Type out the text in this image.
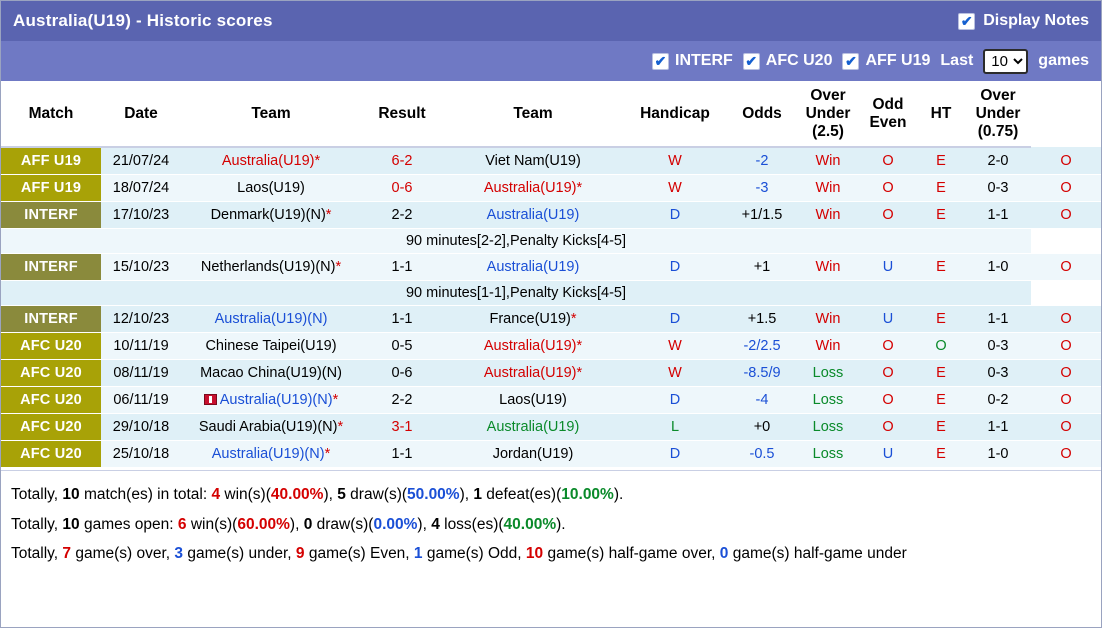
Australia(U19) - Historic scores	✔ Display Notes
✔ INTERF ✔ AFC U20 ✔ AFF U19 Last
10	games
Match	Date	Team	Result	Team	Handicap	Odds	Over
Under
(2.5)	Odd
Even	HT	Over
Under
(0.75)	

AFF U19	21/07/24	Australia(U19)*	6-2	Viet Nam(U19)	W	-2	Win	O	E	2-0	O
AFF U19	18/07/24	Laos(U19)	0-6	Australia(U19)*	W	-3	Win	O	E	0-3	O
INTERF	17/10/23	Denmark(U19)(N)*	2-2	Australia(U19)	D	+1/1.5	Win	O	E	1-1	O
90 minutes[2-2],Penalty Kicks[4-5]											
INTERF	15/10/23	Netherlands(U19)(N)*	1-1	Australia(U19)	D	+1	Win	U	E	1-0	O
90 minutes[1-1],Penalty Kicks[4-5]											
INTERF	12/10/23	Australia(U19)(N)	1-1	France(U19)*	D	+1.5	Win	U	E	1-1	O
AFC U20	10/11/19	Chinese Taipei(U19)	0-5	Australia(U19)*	W	-2/2.5	Win	O	O	0-3	O
AFC U20	08/11/19	Macao China(U19)(N)	0-6	Australia(U19)*	W	-8.5/9	Loss	O	E	0-3	O
AFC U20	06/11/19	Australia(U19)(N)*	2-2	Laos(U19)	D	-4	Loss	O	E	0-2	O
AFC U20	29/10/18	Saudi Arabia(U19)(N)*	3-1	Australia(U19)	L	+0	Loss	O	E	1-1	O
AFC U20	25/10/18	Australia(U19)(N)*	1-1	Jordan(U19)	D	-0.5	Loss	U	E	1-0	O

Totally, 10 match(es) in total: 4 win(s)(40.00%), 5 draw(s)(50.00%), 1 defeat(es)(10.00%).

Totally, 10 games open: 6 win(s)(60.00%), 0 draw(s)(0.00%), 4 loss(es)(40.00%).

Totally, 7 game(s) over, 3 game(s) under, 9 game(s) Even, 1 game(s) Odd, 10 game(s) half-game over, 0 game(s) half-game under
